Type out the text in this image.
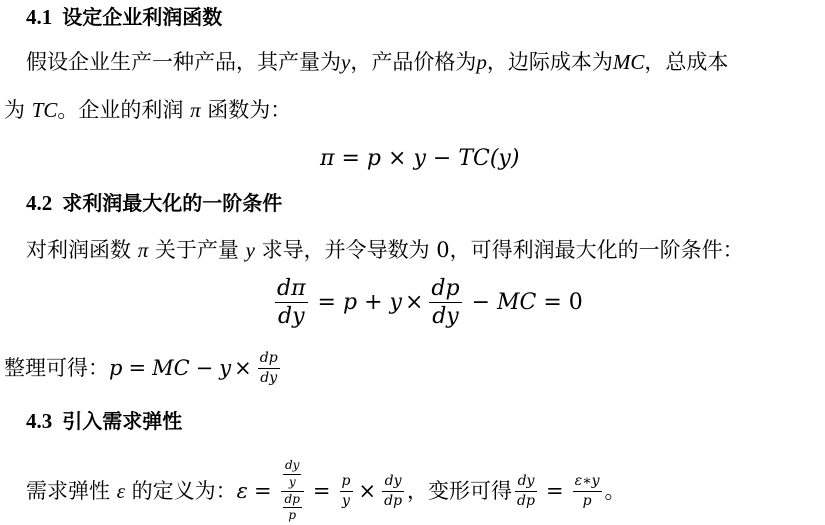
4.1 设定企业利润函数
假设企业生产一种产品，其产量为y，产品价格为p，边际成本为MC，总成本
为 TC。企业的利润 π 函数为：
π = p × y − TC(y)
4.2 求利润最大化的一阶条件
对利润函数 π 关于产量 y 求导，并令导数为 0，可得利润最大化的一阶条件：
$\frac{d\pi}{dy} = p + y \times \frac{dp}{dy}$ − MC = 0
整理可得： p = MC − $y \times \frac{dp}{dy}$
4.3 引入需求弹性
需求弹性
ε
的定义为： $\varepsilon = \frac{\frac{dy}{y}}{\frac{dp}{p}} = \frac{p}{y} \times \frac{dy}{dp}$ ，变形可得 $\frac{dy}{dp} = \frac{\varepsilon∗y}{p}$ 。
